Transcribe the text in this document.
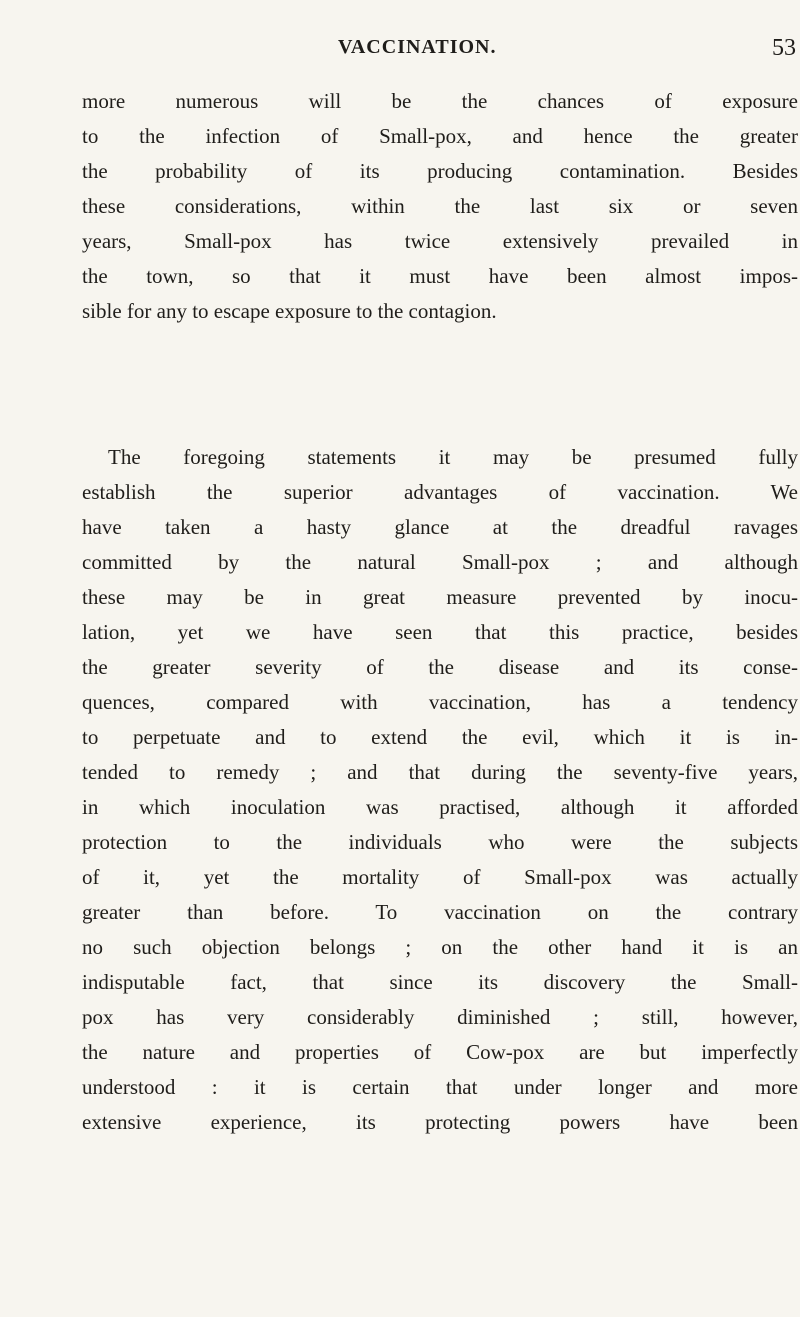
VACCINATION.	53
more numerous will be the chances of exposure
to the infection of Small-pox, and hence the greater
the probability of its producing contamination. Besides
these considerations, within the last six or seven
years, Small-pox has twice extensively prevailed in
the town, so that it must have been almost impos-
sible for any to escape exposure to the contagion.
The foregoing statements it may be presumed fully
establish the superior advantages of vaccination. We
have taken a hasty glance at the dreadful ravages
committed by the natural Small-pox ; and although
these may be in great measure prevented by inocu-
lation, yet we have seen that this practice, besides
the greater severity of the disease and its conse-
quences, compared with vaccination, has a tendency
to perpetuate and to extend the evil, which it is in-
tended to remedy ; and that during the seventy-five years,
in which inoculation was practised, although it afforded
protection to the individuals who were the subjects
of it, yet the mortality of Small-pox was actually
greater than before. To vaccination on the contrary
no such objection belongs ; on the other hand it is an
indisputable fact, that since its discovery the Small-
pox has very considerably diminished ; still, however,
the nature and properties of Cow-pox are but imperfectly
understood : it is certain that under longer and more
extensive experience, its protecting powers have been
